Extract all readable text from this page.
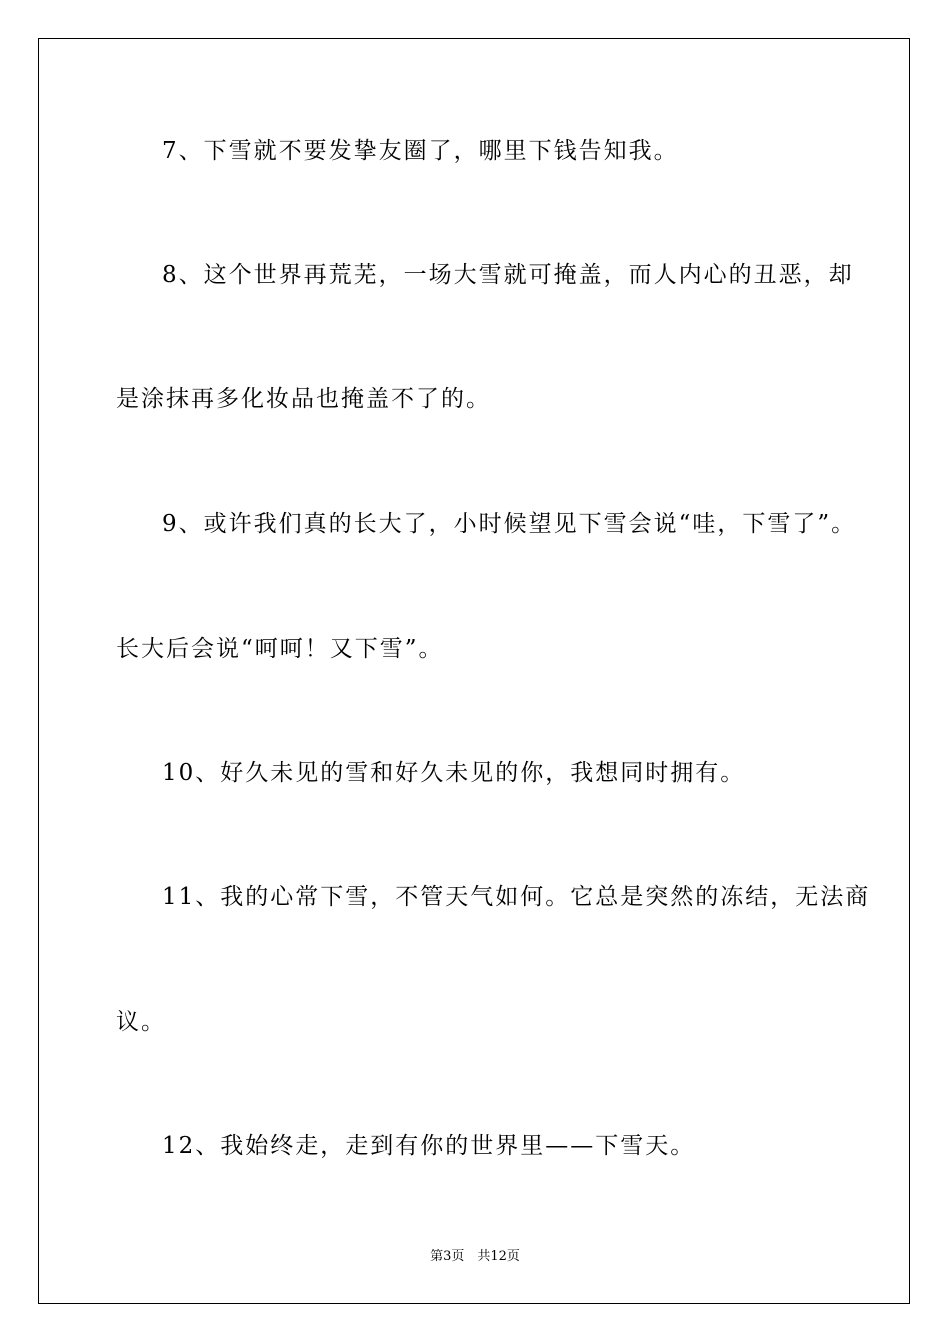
7、下雪就不要发挚友圈了，哪里下钱告知我。
8、这个世界再荒芜，一场大雪就可掩盖，而人内心的丑恶，却
是涂抹再多化妆品也掩盖不了的。
9、或许我们真的长大了，小时候望见下雪会说“哇，下雪了”。
长大后会说“呵呵！又下雪”。
10、好久未见的雪和好久未见的你，我想同时拥有。
11、我的心常下雪，不管天气如何。它总是突然的冻结，无法商
议。
12、我始终走，走到有你的世界里——下雪天。
第3页　共12页
